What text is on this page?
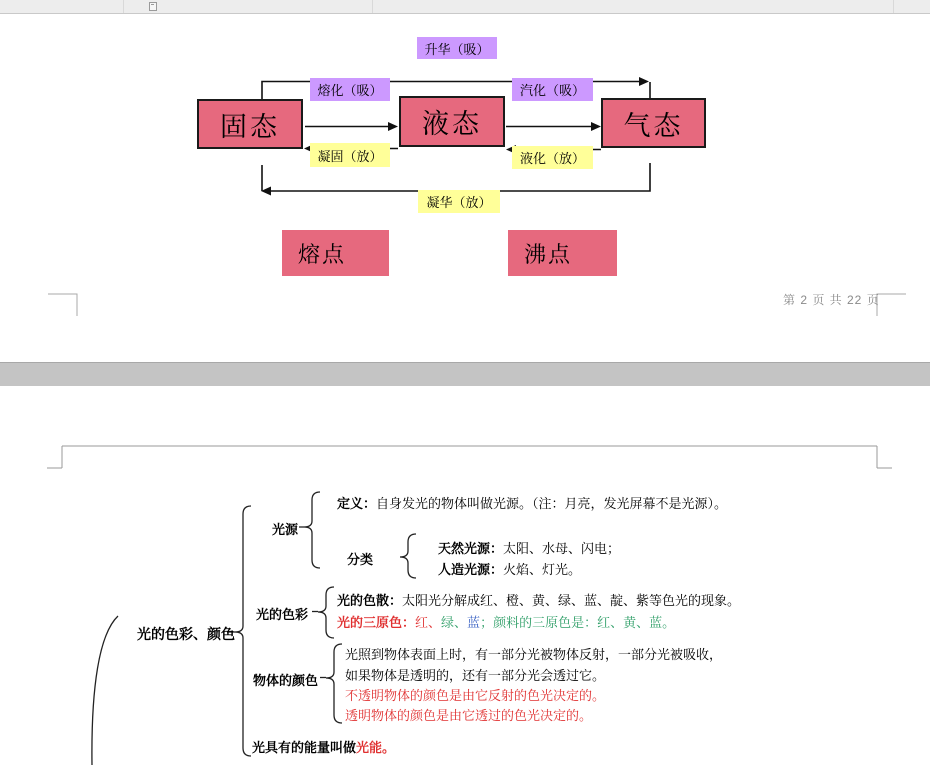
升华（吸）
熔化（吸）	汽化（吸）
凝固（放）	液化（放）
凝华（放）
固态	液态	气态
熔点	沸点
第 2 页 共 22 页
光的色彩、颜色
光源
定义：自身发光的物体叫做光源。（注：月亮，发光屏幕不是光源）。
分类
天然光源：太阳、水母、闪电；
人造光源：火焰、灯光。
光的色彩
光的色散：太阳光分解成红、橙、黄、绿、蓝、靛、紫等色光的现象。
光的三原色：红、绿、蓝；颜料的三原色是：红、黄、蓝。
物体的颜色
光照到物体表面上时，有一部分光被物体反射，一部分光被吸收，
如果物体是透明的，还有一部分光会透过它。
不透明物体的颜色是由它反射的色光决定的。
透明物体的颜色是由它透过的色光决定的。
光具有的能量叫做光能。
